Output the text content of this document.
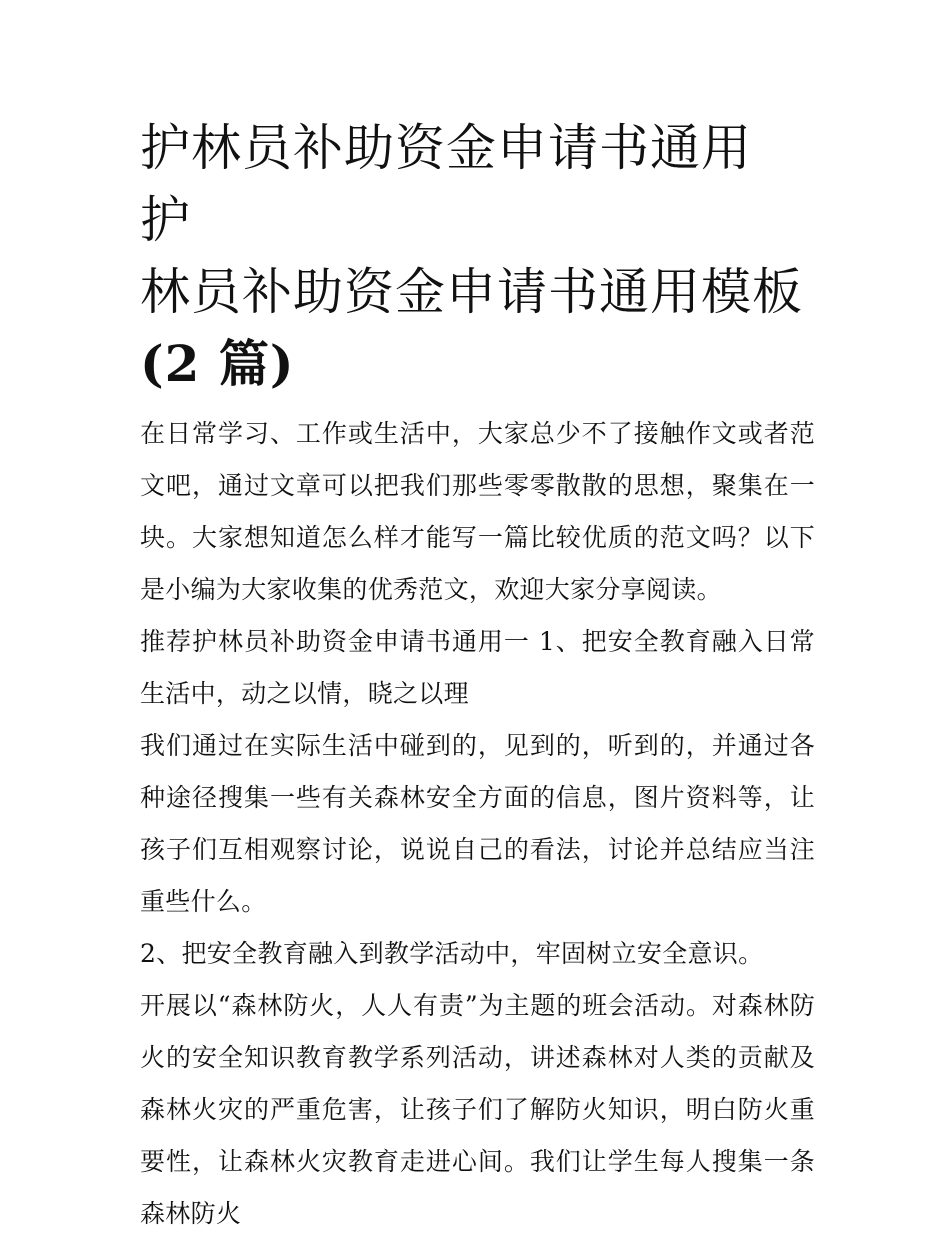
护林员补助资金申请书通用 护
林员补助资金申请书通用模板
(2 篇)

在日常学习、工作或生活中，大家总少不了接触作文或者范文吧，通过文章可以把我们那些零零散散的思想，聚集在一块。大家想知道怎么样才能写一篇比较优质的范文吗？以下是小编为大家收集的优秀范文，欢迎大家分享阅读。

推荐护林员补助资金申请书通用一 1、把安全教育融入日常生活中，动之以情，晓之以理

我们通过在实际生活中碰到的，见到的，听到的，并通过各种途径搜集一些有关森林安全方面的信息，图片资料等，让孩子们互相观察讨论，说说自己的看法，讨论并总结应当注重些什么。

2、把安全教育融入到教学活动中，牢固树立安全意识。

开展以“森林防火，人人有责”为主题的班会活动。对森林防火的安全知识教育教学系列活动，讲述森林对人类的贡献及森林火灾的严重危害，让孩子们了解防火知识，明白防火重要性，让森林火灾教育走进心间。我们让学生每人搜集一条森林防火
